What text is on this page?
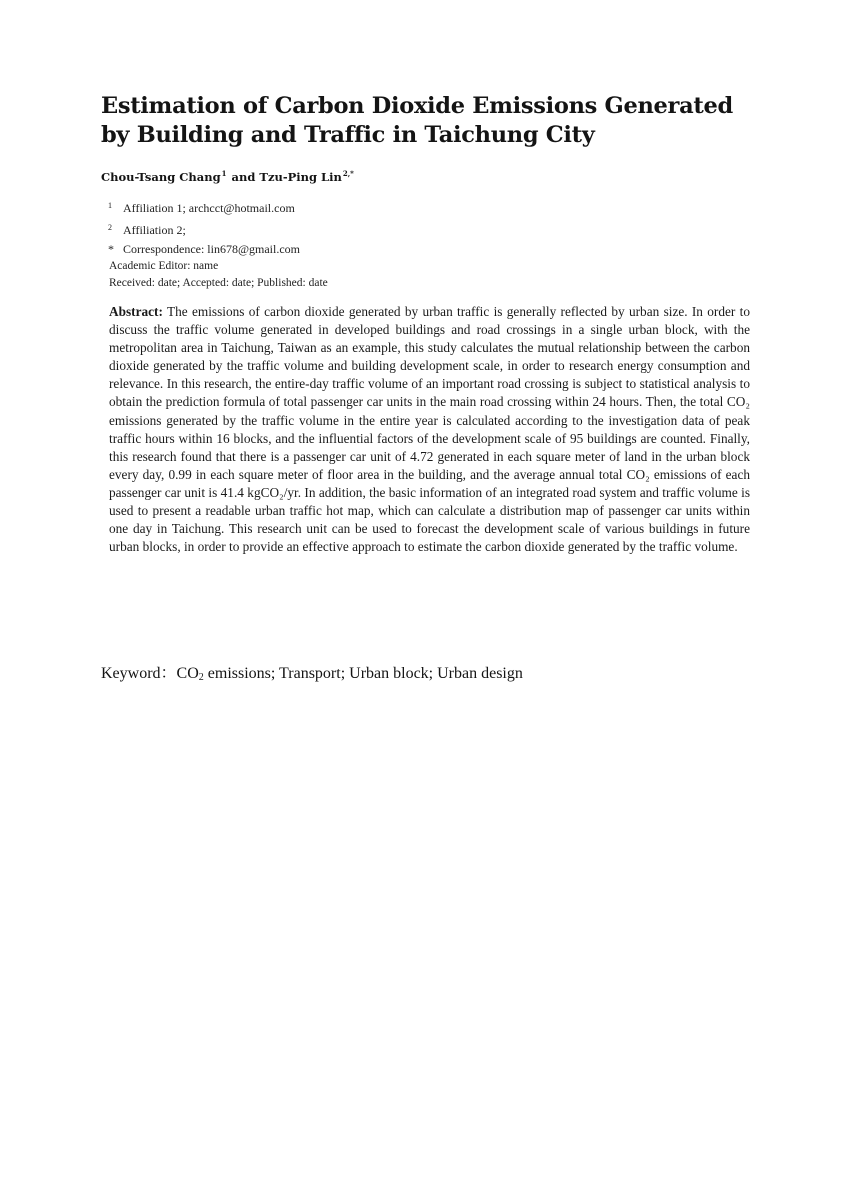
Estimation of Carbon Dioxide Emissions Generated by Building and Traffic in Taichung City
Chou-Tsang Chang$^1$ and Tzu-Ping Lin$^{2,*}$
1 Affiliation 1; archcct@hotmail.com
2 Affiliation 2;
* Correspondence: lin678@gmail.com
Academic Editor: name
Received: date; Accepted: date; Published: date

Abstract: The emissions of carbon dioxide generated by urban traffic is generally reflected by urban size. In order to discuss the traffic volume generated in developed buildings and road crossings in a single urban block, with the metropolitan area in Taichung, Taiwan as an example, this study calculates the mutual relationship between the carbon dioxide generated by the traffic volume and building development scale, in order to research energy consumption and relevance. In this research, the entire-day traffic volume of an important road crossing is subject to statistical analysis to obtain the prediction formula of total passenger car units in the main road crossing within 24 hours. Then, the total CO₂ emissions generated by the traffic volume in the entire year is calculated according to the investigation data of peak traffic hours within 16 blocks, and the influential factors of the development scale of 95 buildings are counted. Finally, this research found that there is a passenger car unit of 4.72 generated in each square meter of land in the urban block every day, 0.99 in each square meter of floor area in the building, and the average annual total CO₂ emissions of each passenger car unit is 41.4 kgCO₂/yr. In addition, the basic information of an integrated road system and traffic volume is used to present a readable urban traffic hot map, which can calculate a distribution map of passenger car units within one day in Taichung. This research unit can be used to forecast the development scale of various buildings in future urban blocks, in order to provide an effective approach to estimate the carbon dioxide generated by the traffic volume.

Keyword：$CO_2$ emissions; Transport; Urban block; Urban design
